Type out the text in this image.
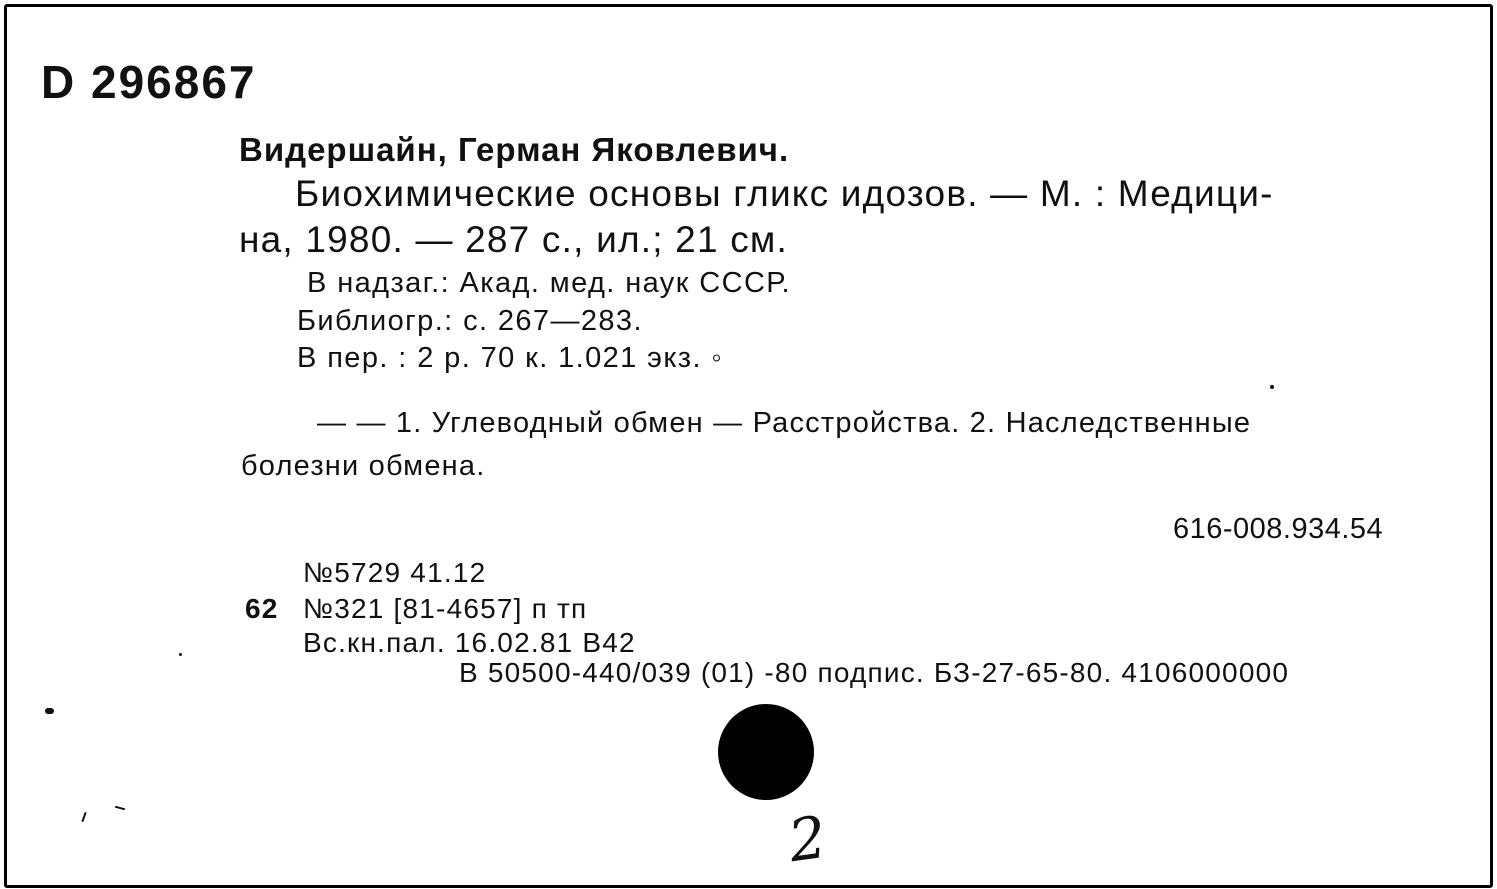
D 296867
Видершайн, Герман Яковлевич.
Биохимические основы гликс идозов. — М. : Медици-
на, 1980. — 287 с., ил.; 21 см.
В надзаг.: Акад. мед. наук СССР.
Библиогр.: с. 267—283.
В пер. : 2 р. 70 к. 1.021 экз. ◦
— — 1. Углеводный обмен — Расстройства. 2. Наследственные
болезни обмена.
616-008.934.54
№5729 41.12
62 №321 [81-4657] п тп
Вс.кн.пал. 16.02.81 В42
В 50500-440/039 (01) -80 подпис. БЗ-27-65-80. 4106000000
2
